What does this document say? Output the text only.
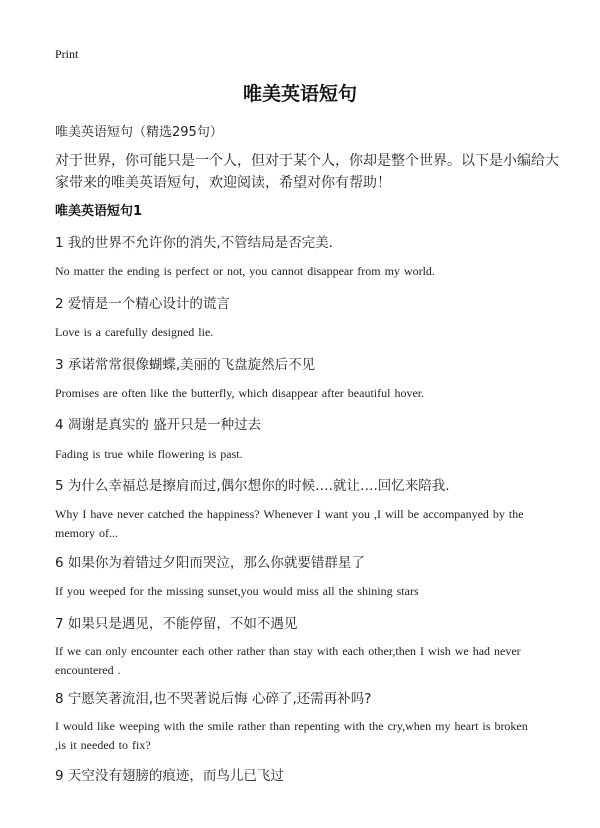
Print
唯美英语短句
唯美英语短句（精选295句）
对于世界，你可能只是一个人，但对于某个人，你却是整个世界。以下是小编给大家带来的唯美英语短句，欢迎阅读，希望对你有帮助！
唯美英语短句1
1 我的世界不允许你的消失,不管结局是否完美.
No matter the ending is perfect or not, you cannot disappear from my world.
2 爱情是一个精心设计的谎言
Love is a carefully designed lie.
3 承诺常常很像蝴蝶,美丽的飞盘旋然后不见
Promises are often like the butterfly, which disappear after beautiful hover.
4 凋谢是真实的 盛开只是一种过去
Fading is true while flowering is past.
5 为什么幸福总是擦肩而过,偶尔想你的时候….就让….回忆来陪我.
Why I have never catched the happiness? Whenever I want you ,I will be accompanyed by the memory of...
6 如果你为着错过夕阳而哭泣，那么你就要错群星了
If you weeped for the missing sunset,you would miss all the shining stars
7 如果只是遇见，不能停留，不如不遇见
If we can only encounter each other rather than stay with each other,then I wish we had never encountered .
8 宁愿笑著流泪,也不哭著说后悔 心碎了,还需再补吗?
I would like weeping with the smile rather than repenting with the cry,when my heart is broken ,is it needed to fix?
9 天空没有翅膀的痕迹，而鸟儿已飞过
